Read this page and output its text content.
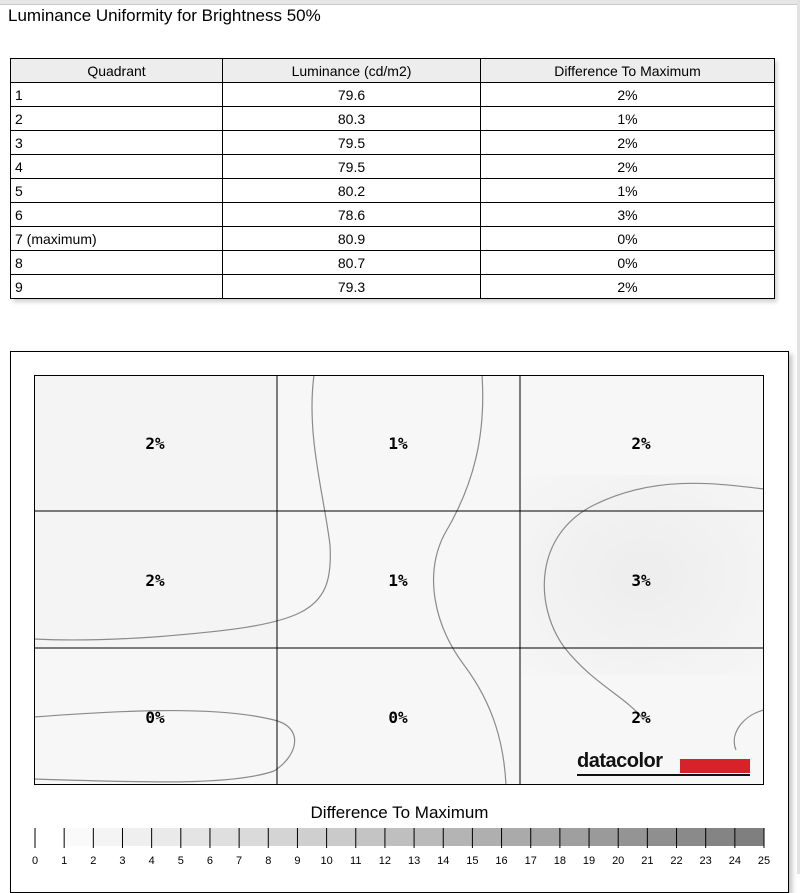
Luminance Uniformity for Brightness 50%
Quadrant	Luminance (cd/m2)	Difference To Maximum
1	79.6	2%
2	80.3	1%
3	79.5	2%
4	79.5	2%
5	80.2	1%
6	78.6	3%
7 (maximum)	80.9	0%
8	80.7	0%
9	79.3	2%
2%	1%	2%
2%	1%	3%
0%	0%	2%
datacolor
Difference To Maximum
0 1 2 3 4 5 6 7 8 9 10 11 12 13 14 15 16 17 18 19 20 21 22 23 24 25
